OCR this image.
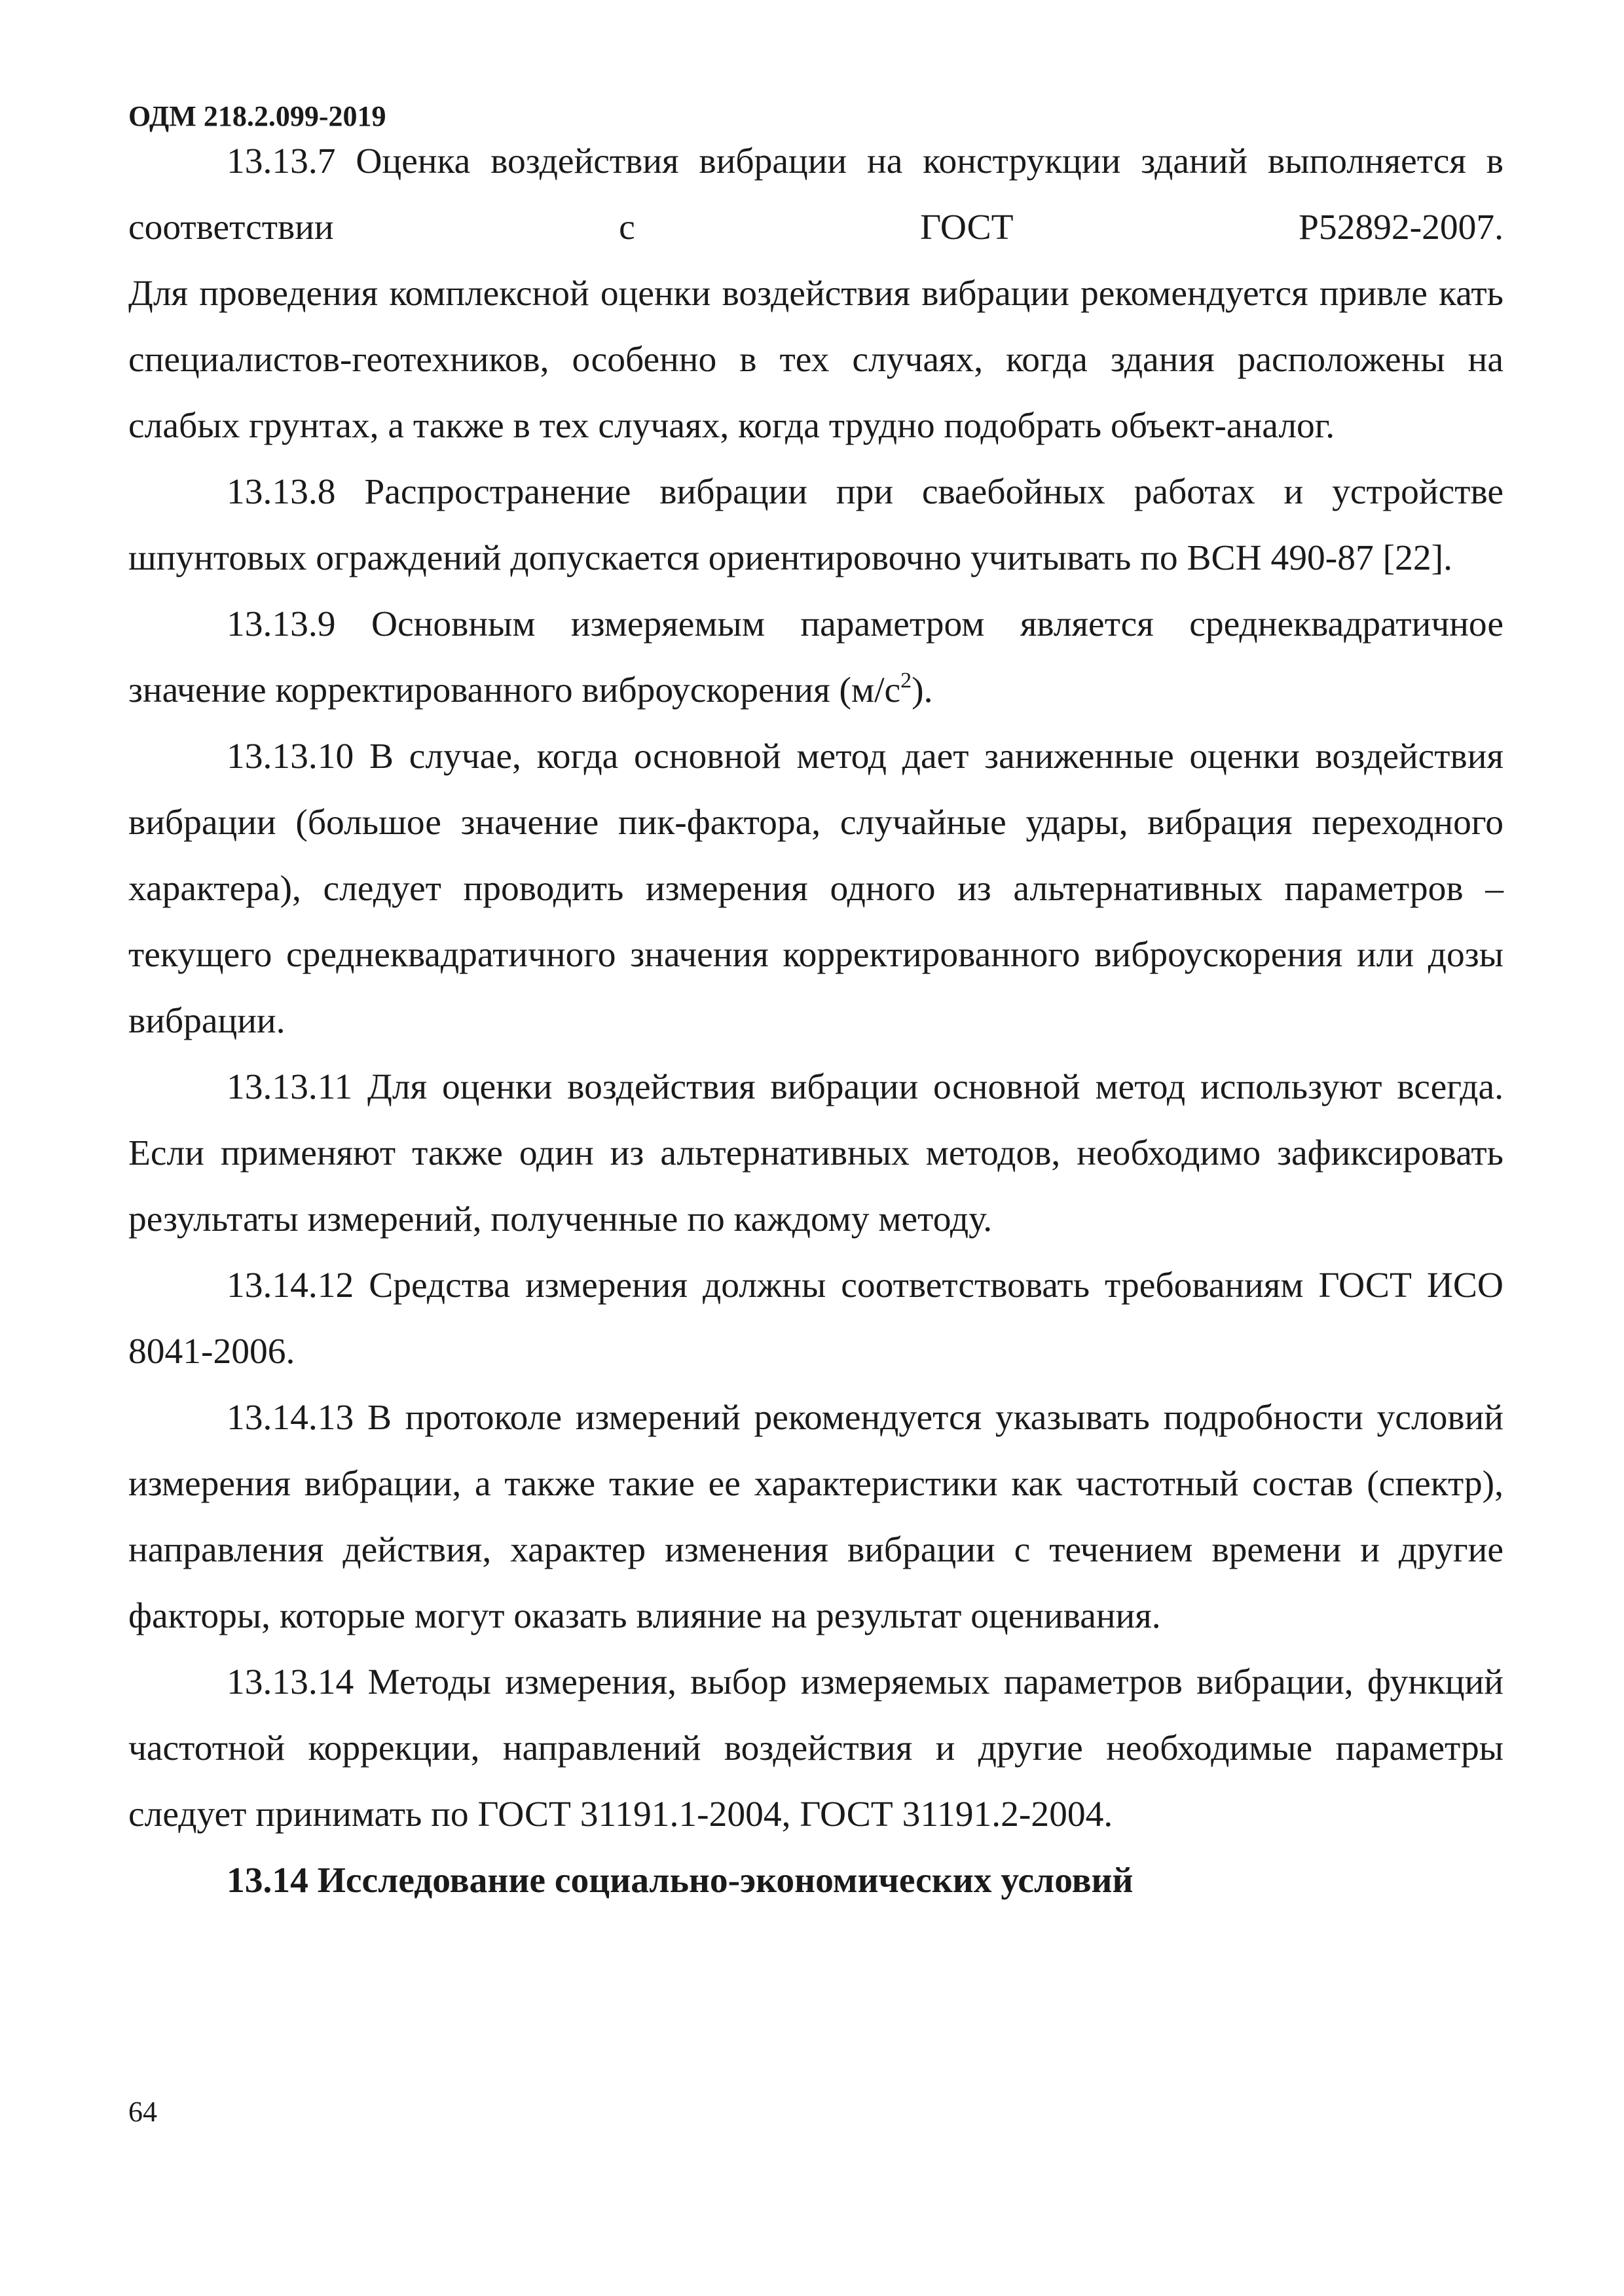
ОДМ 218.2.099-2019

13.13.7 Оценка воздействия вибрации на конструкции зданий выполняется в

соответствии с ГОСТ Р52892-2007.

Для проведения комплексной оценки воздействия вибрации рекомендуется привле кать специалистов-геотехников, особенно в тех случаях, когда здания расположены на слабых грунтах, а также в тех случаях, когда трудно подобрать объект-аналог.

13.13.8 Распространение вибрации при сваебойных работах и устройстве шпунтовых ограждений допускается ориентировочно учитывать по ВСН 490-87 [22].

13.13.9 Основным измеряемым параметром является среднеквадратичное значение корректированного виброускорения $(м/с^2)$.

13.13.10 В случае, когда основной метод дает заниженные оценки воздействия вибрации (большое значение пик-фактора, случайные удары, вибрация переходного характера), следует проводить измерения одного из альтернативных параметров – текущего среднеквадратичного значения корректированного виброускорения или дозы вибрации.

13.13.11 Для оценки воздействия вибрации основной метод используют всегда. Если применяют также один из альтернативных методов, необходимо зафиксировать результаты измерений, полученные по каждому методу.

13.14.12 Средства измерения должны соответствовать требованиям ГОСТ ИСО 8041-2006.

13.14.13 В протоколе измерений рекомендуется указывать подробности условий измерения вибрации, а также такие ее характеристики как частотный состав (спектр), направления действия, характер изменения вибрации с течением времени и другие факторы, которые могут оказать влияние на результат оценивания.

13.13.14 Методы измерения, выбор измеряемых параметров вибрации, функций частотной коррекции, направлений воздействия и другие необходимые параметры следует принимать по ГОСТ 31191.1-2004, ГОСТ 31191.2-2004.

13.14 Исследование социально-экономических условий

64
